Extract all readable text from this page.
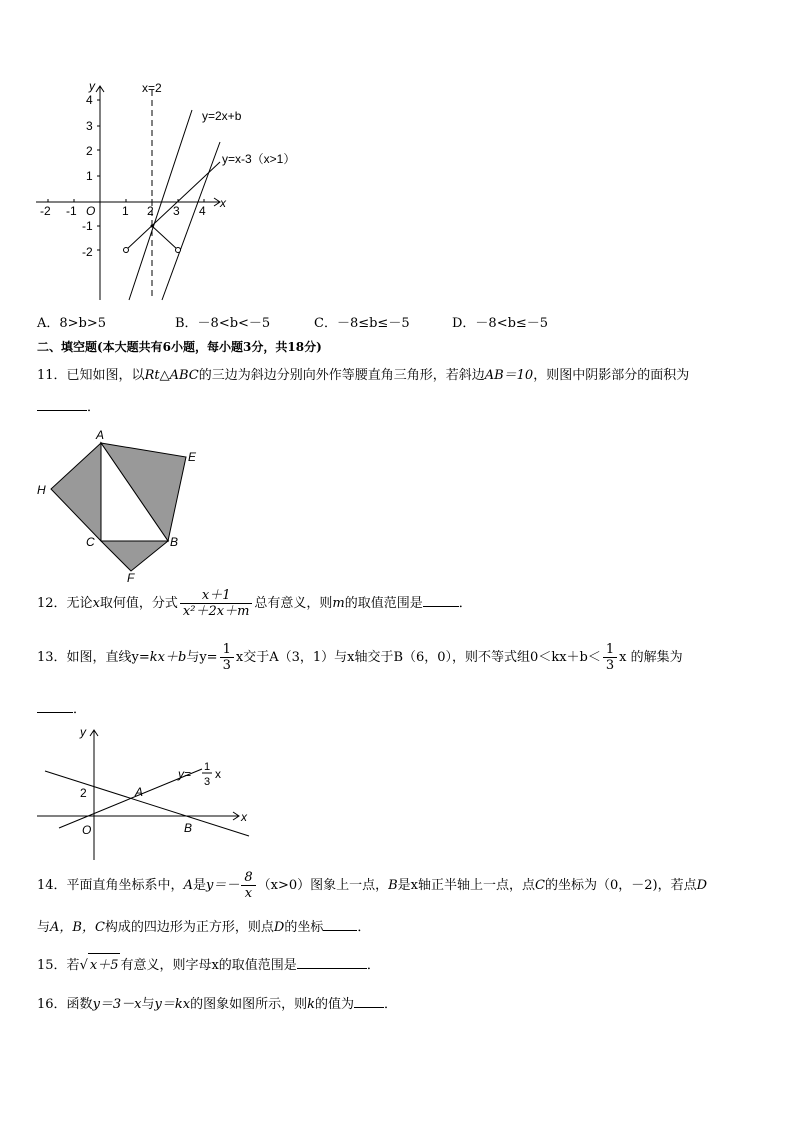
y
x
4
3
2
1
-1
-2
-2 -1 O 1 2 3 4
x=2
y=2x+b
y=x-3（x>1）
A．8>b>5	B．－8<b<－5	C．－8≤b≤－5	D．－8<b≤－5
二、填空题(本大题共有6小题，每小题3分，共18分)
11．已知如图，以Rt△ABC的三边为斜边分别向外作等腰直角三角形，若斜边AB＝10，则图中阴影部分的面积为
．
A
E
H
C	B
F
12．无论x取何值，分式 $\frac{x+1}{\text{x²＋2x＋m}}$ 总有意义，则m的取值范围是	．
13．如图，直线y=kx＋b与$y= \frac{1}{3}$ x交于A（3，1）与x轴交于B（6，0），则不等式组$0<kx+b< \frac{1}{3}$ x 的解集为
．
y
x
2	A
O	B
y= 1
3
x
14．平面直角坐标系中，A是$y=- \frac{8}{x} (x>0)$图象上一点，B是x轴正半轴上一点，点C的坐标为（0，－2)，若点D
与A，B，C构成的四边形为正方形，则点D的坐标	．
15．若√ x＋5 有意义，则字母x的取值范围是	．
16．函数y＝3－x与y＝kx的图象如图所示，则k的值为 ．
